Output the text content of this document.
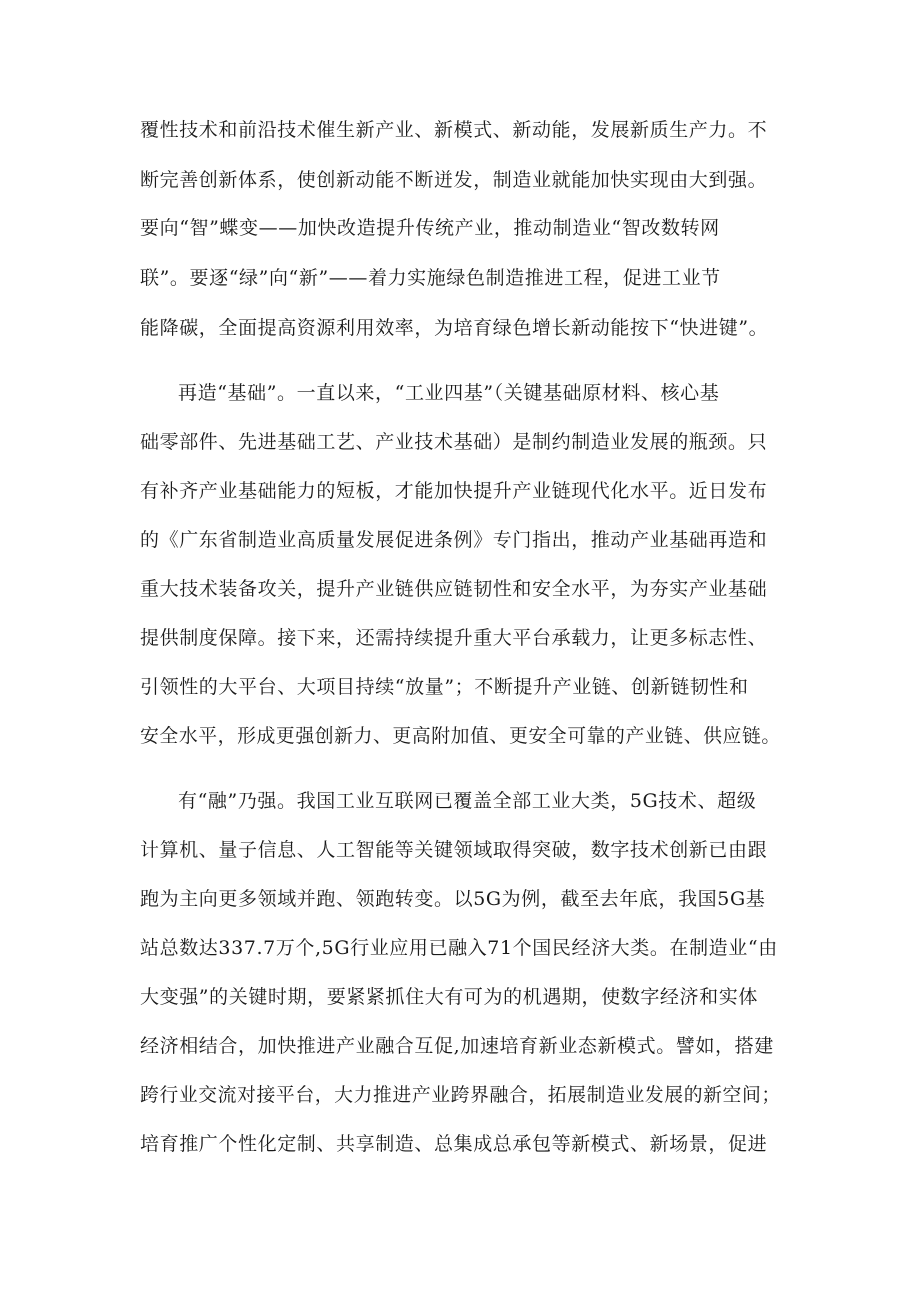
覆性技术和前沿技术催生新产业、新模式、新动能，发展新质生产力。不
断完善创新体系，使创新动能不断迸发，制造业就能加快实现由大到强。
要向“智”蝶变——加快改造提升传统产业，推动制造业“智改数转网
联”。要逐“绿”向“新”——着力实施绿色制造推进工程，促进工业节
能降碳，全面提高资源利用效率，为培育绿色增长新动能按下“快进键”。
再造“基础”。一直以来，“工业四基”（关键基础原材料、核心基
础零部件、先进基础工艺、产业技术基础）是制约制造业发展的瓶颈。只
有补齐产业基础能力的短板，才能加快提升产业链现代化水平。近日发布
的《广东省制造业高质量发展促进条例》专门指出，推动产业基础再造和
重大技术装备攻关，提升产业链供应链韧性和安全水平，为夯实产业基础
提供制度保障。接下来，还需持续提升重大平台承载力，让更多标志性、
引领性的大平台、大项目持续“放量”；不断提升产业链、创新链韧性和
安全水平，形成更强创新力、更高附加值、更安全可靠的产业链、供应链。
有“融”乃强。我国工业互联网已覆盖全部工业大类，5G技术、超级
计算机、量子信息、人工智能等关键领域取得突破，数字技术创新已由跟
跑为主向更多领域并跑、领跑转变。以5G为例，截至去年底，我国5G基
站总数达337.7万个,5G行业应用已融入71个国民经济大类。在制造业“由
大变强”的关键时期，要紧紧抓住大有可为的机遇期，使数字经济和实体
经济相结合，加快推进产业融合互促,加速培育新业态新模式。譬如，搭建
跨行业交流对接平台，大力推进产业跨界融合，拓展制造业发展的新空间；
培育推广个性化定制、共享制造、总集成总承包等新模式、新场景，促进
